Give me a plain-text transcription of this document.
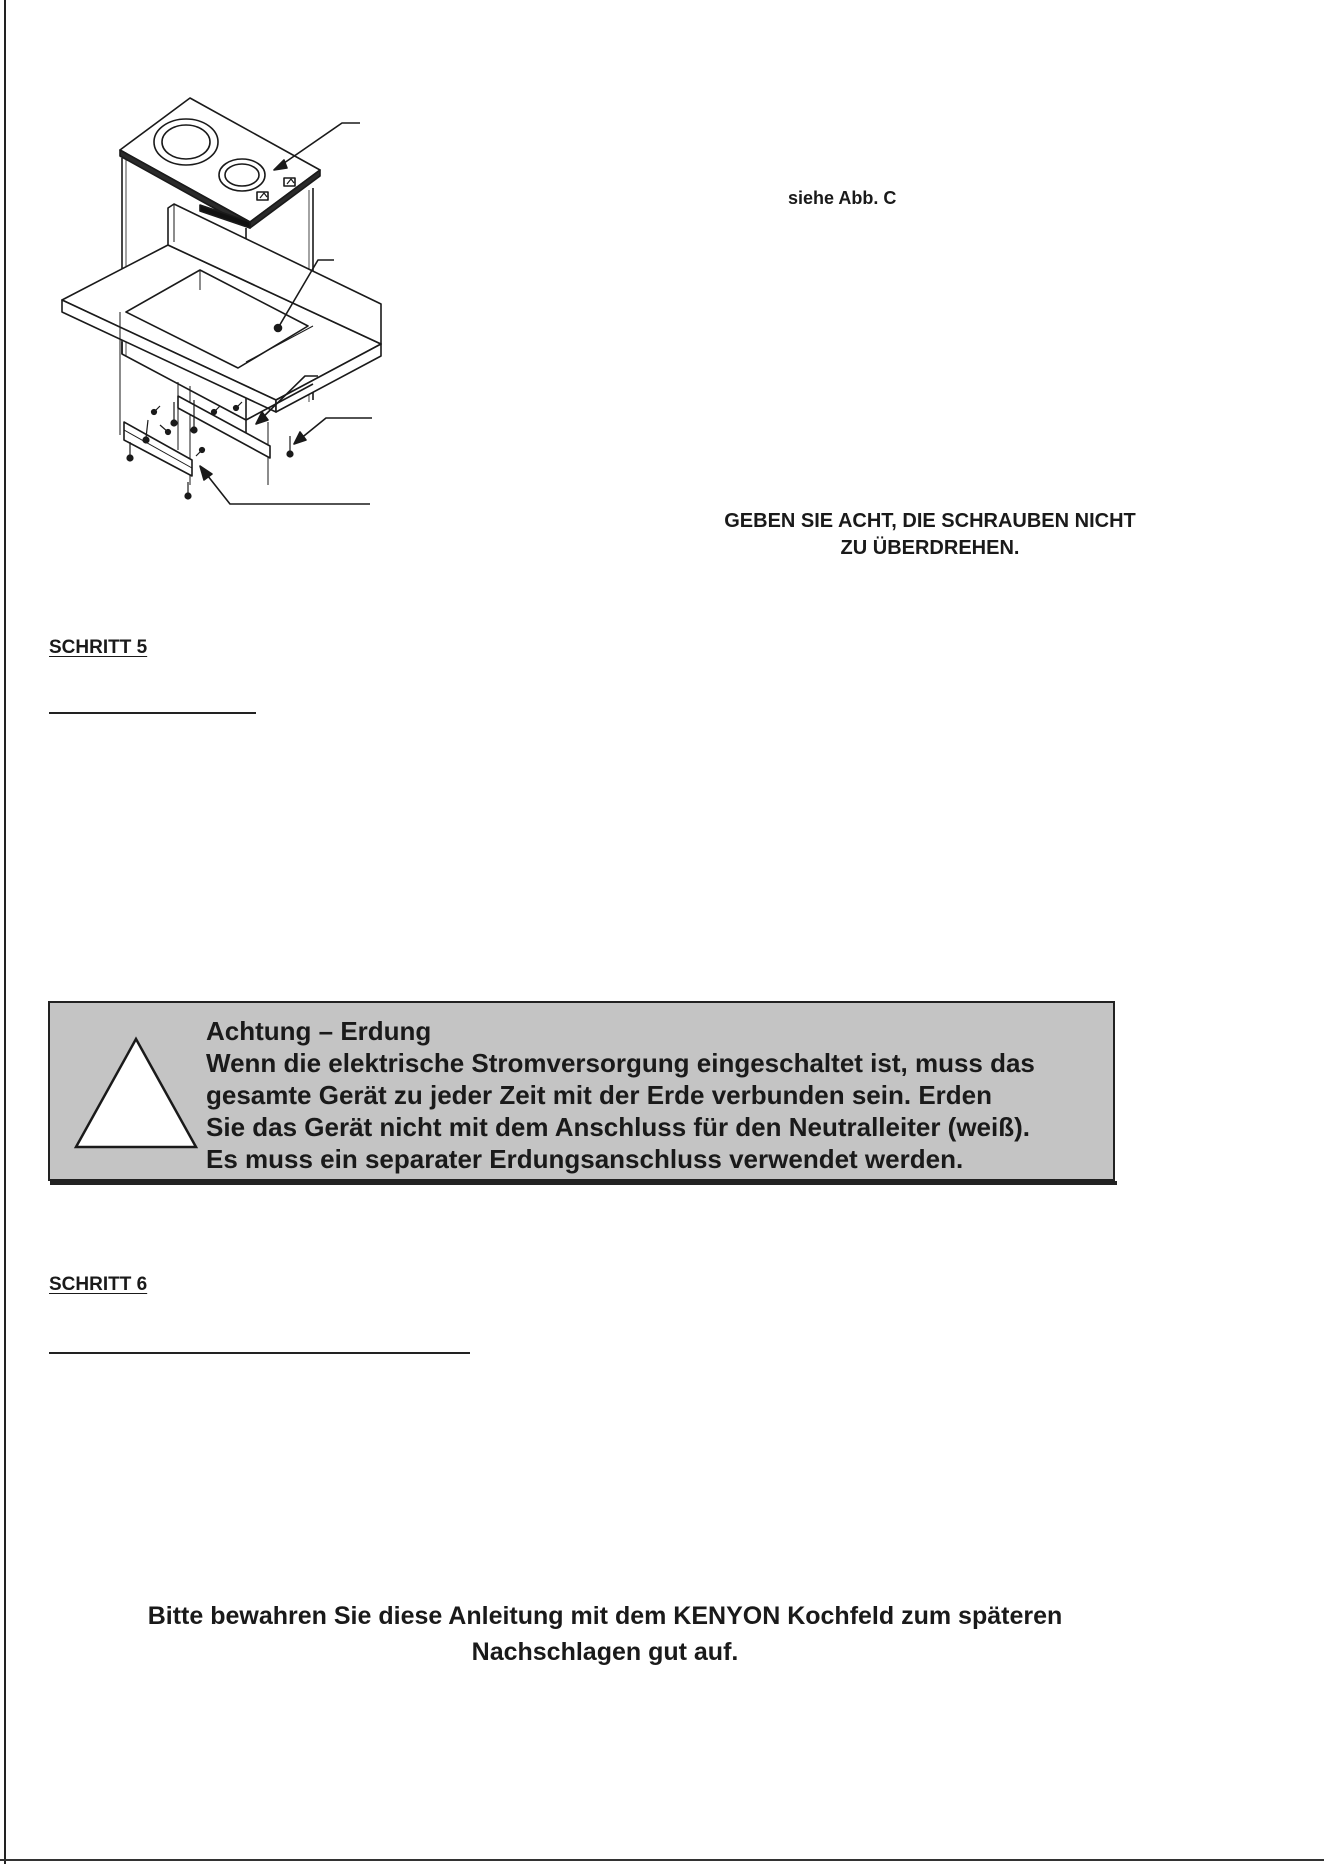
siehe Abb. C
GEBEN SIE ACHT, DIE SCHRAUBEN NICHT
ZU ÜBERDREHEN.
SCHRITT 5
Achtung – Erdung
Wenn die elektrische Stromversorgung eingeschaltet ist, muss das
gesamte Gerät zu jeder Zeit mit der Erde verbunden sein. Erden
Sie das Gerät nicht mit dem Anschluss für den Neutralleiter (weiß).
Es muss ein separater Erdungsanschluss verwendet werden.
SCHRITT 6
Bitte bewahren Sie diese Anleitung mit dem KENYON Kochfeld zum späteren
Nachschlagen gut auf.
